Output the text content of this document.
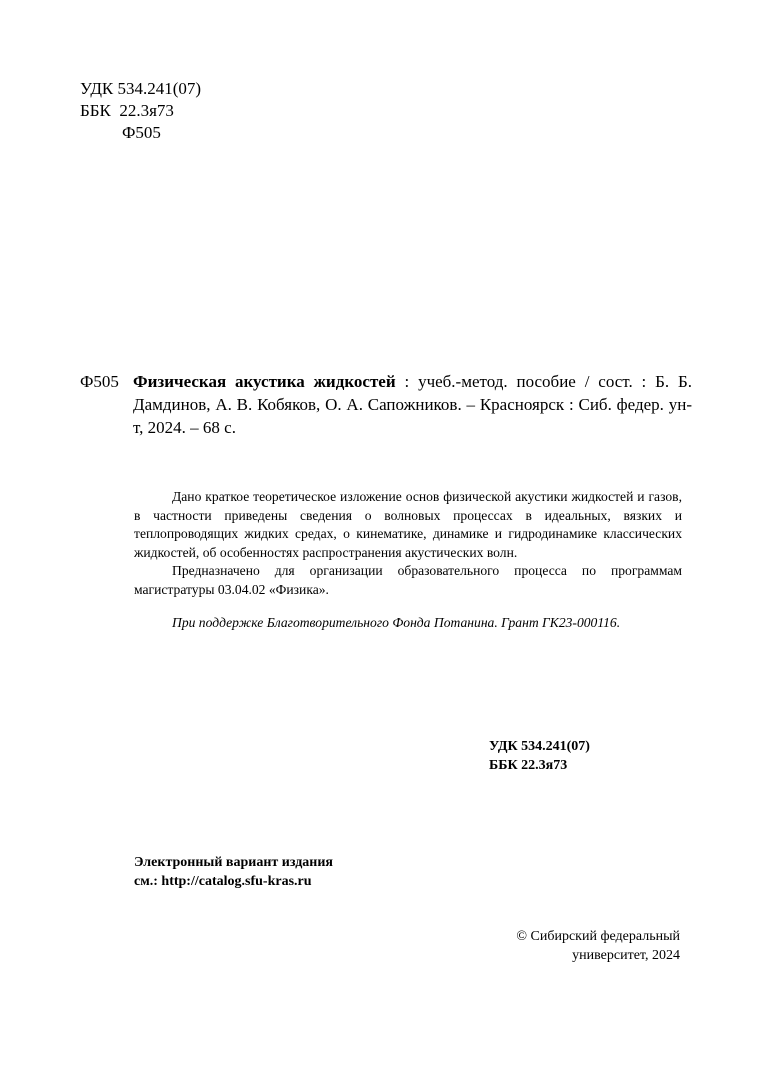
УДК 534.241(07)
ББК  22.3я73
Ф505
Ф505 Физическая акустика жидкостей : учеб.-метод. пособие / сост. : Б. Б. Дамдинов, А. В. Кобяков, О. А. Сапожников. – Красноярск : Сиб. федер. ун-т, 2024. – 68 с.

Дано краткое теоретическое изложение основ физической акустики жидкостей и газов, в частности приведены сведения о волновых процессах в идеальных, вязких и теплопроводящих жидких средах, о кинематике, динамике и гидродинамике классических жидкостей, об особенностях распространения акустических волн.

Предназначено для организации образовательного процесса по программам магистратуры 03.04.02 «Физика».

При поддержке Благотворительного Фонда Потанина. Грант ГК23-000116.

УДК 534.241(07)
ББК 22.3я73
Электронный вариант издания
см.: http://catalog.sfu-kras.ru
© Сибирский федеральный
университет, 2024
